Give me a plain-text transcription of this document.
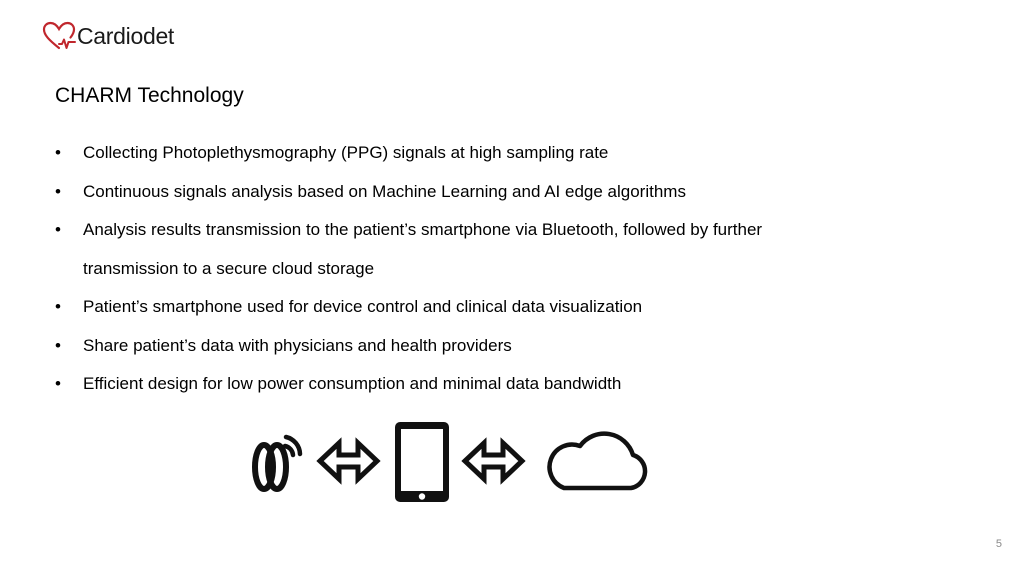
Cardiodet
CHARM Technology
• Collecting Photoplethysmography (PPG) signals at high sampling rate
• Continuous signals analysis based on Machine Learning and AI edge algorithms
• Analysis results transmission to the patient’s smartphone via Bluetooth, followed by further transmission to a secure cloud storage
• Patient’s smartphone used for device control and clinical data visualization
• Share patient’s data with physicians and health providers
• Efficient design for low power consumption and minimal data bandwidth
5
